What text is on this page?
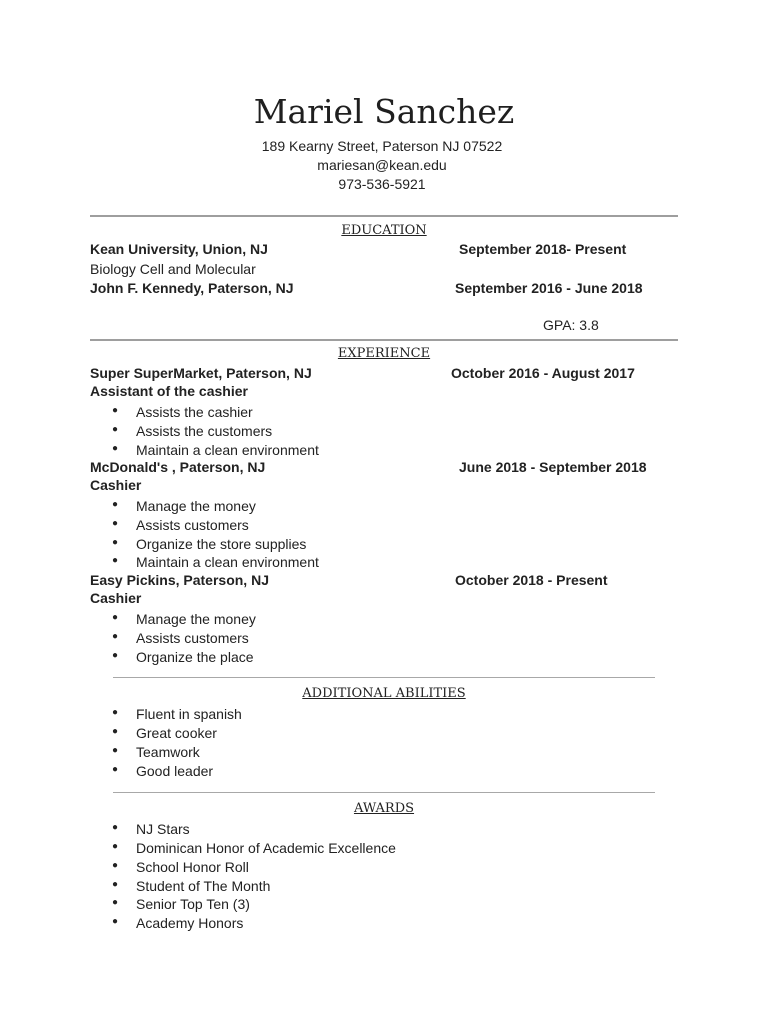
Mariel Sanchez
189 Kearny Street, Paterson NJ 07522
mariesan@kean.edu
973-536-5921
EDUCATION
Kean University, Union, NJ	September 2018- Present
Biology Cell and Molecular
John F. Kennedy, Paterson, NJ	September 2016 - June 2018
GPA: 3.8
EXPERIENCE
Super SuperMarket, Paterson, NJ	October 2016 - August 2017
Assistant of the cashier
● Assists the cashier
● Assists the customers
● Maintain a clean environment
McDonald's , Paterson, NJ	June 2018 - September 2018
Cashier
● Manage the money
● Assists customers
● Organize the store supplies
● Maintain a clean environment
Easy Pickins, Paterson, NJ	October 2018 - Present
Cashier
● Manage the money
● Assists customers
● Organize the place
ADDITIONAL ABILITIES
● Fluent in spanish
● Great cooker
● Teamwork
● Good leader
AWARDS
● NJ Stars
● Dominican Honor of Academic Excellence
● School Honor Roll
● Student of The Month
● Senior Top Ten (3)
● Academy Honors
